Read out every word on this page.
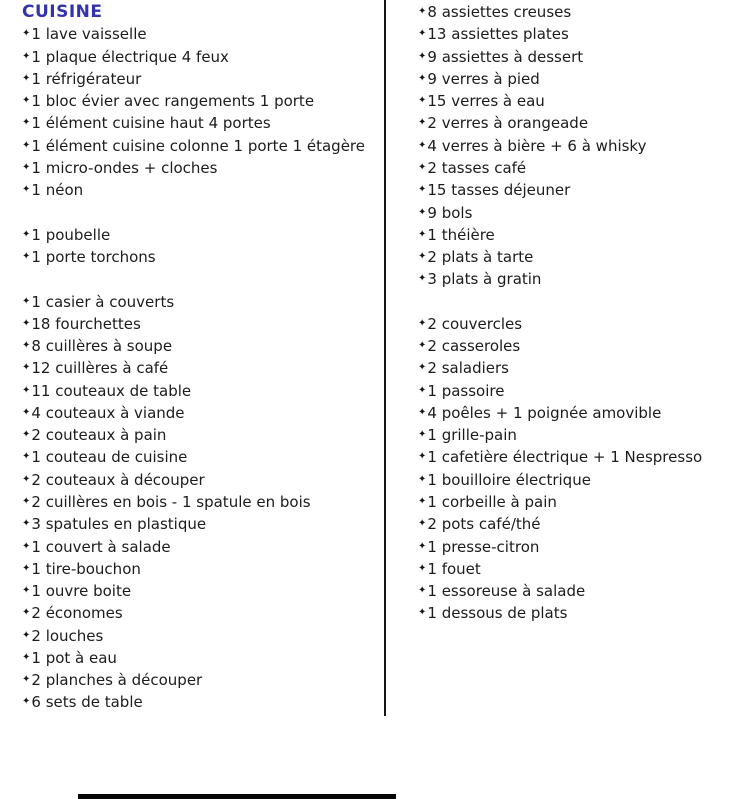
CUISINE
✦ 1 lave vaisselle
✦ 1 plaque électrique 4 feux
✦ 1 réfrigérateur
✦ 1 bloc évier avec rangements 1 porte
✦ 1 élément cuisine haut 4 portes
✦ 1 élément cuisine colonne 1 porte 1 étagère
✦ 1 micro-ondes + cloches
✦ 1 néon
✦ 1 poubelle
✦ 1 porte torchons
✦ 1 casier à couverts
✦ 18 fourchettes
✦ 8 cuillères à soupe
✦ 12 cuillères à café
✦ 11 couteaux de table
✦ 4 couteaux à viande
✦ 2 couteaux à pain
✦ 1 couteau de cuisine
✦ 2 couteaux à découper
✦ 2 cuillères en bois - 1 spatule en bois
✦ 3 spatules en plastique
✦ 1 couvert à salade
✦ 1 tire-bouchon
✦ 1 ouvre boite
✦ 2 économes
✦ 2 louches
✦ 1 pot à eau
✦ 2 planches à découper
✦ 6 sets de table
✦ 8 assiettes creuses
✦ 13 assiettes plates
✦ 9 assiettes à dessert
✦ 9 verres à pied
✦ 15 verres à eau
✦ 2 verres à orangeade
✦ 4 verres à bière + 6 à whisky
✦ 2 tasses café
✦ 15 tasses déjeuner
✦ 9 bols
✦ 1 théière
✦ 2 plats à tarte
✦ 3 plats à gratin
✦ 2 couvercles
✦ 2 casseroles
✦ 2 saladiers
✦ 1 passoire
✦ 4 poêles + 1 poignée amovible
✦ 1 grille-pain
✦ 1 cafetière électrique + 1 Nespresso
✦ 1 bouilloire électrique
✦ 1 corbeille à pain
✦ 2 pots café/thé
✦ 1 presse-citron
✦ 1 fouet
✦ 1 essoreuse à salade
✦ 1 dessous de plats
